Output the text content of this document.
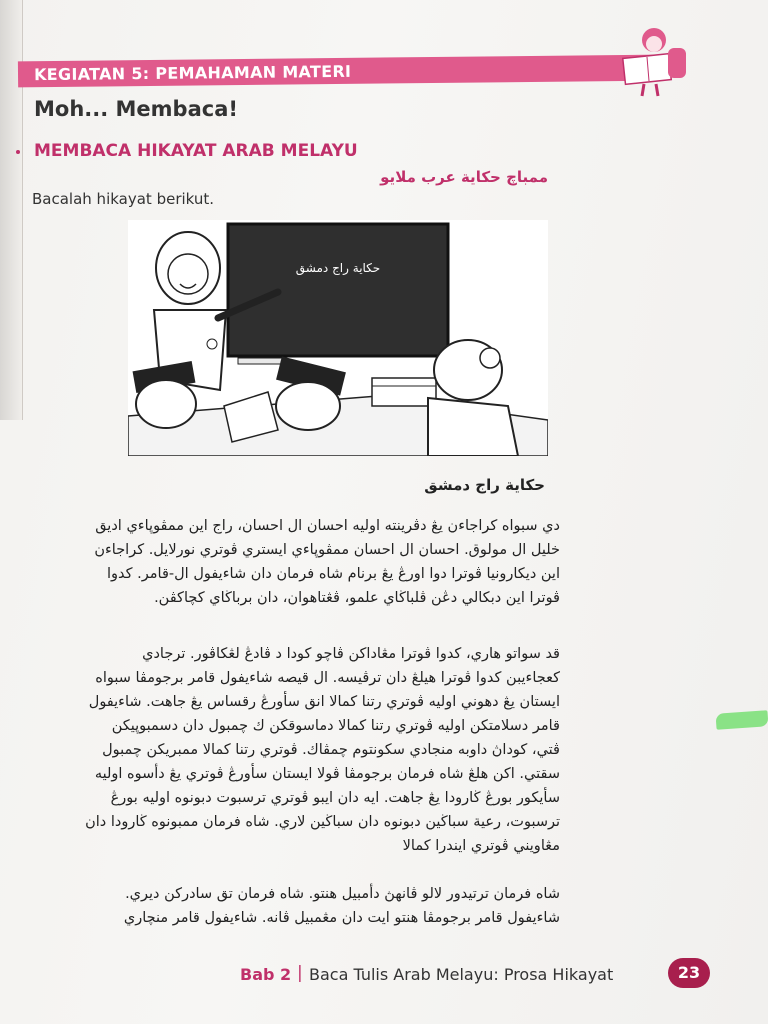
KEGIATAN 5: PEMAHAMAN MATERI
Moh... Membaca!
MEMBACA HIKAYAT ARAB MELAYU
ممباچ حكاية عرب ملايو
Bacalah hikayat berikut.
حكاية راج دمشق
حكاية راج دمشق
دي سبواه كراجاءن يڠ دڤرينته اوليه احسان ال احسان، راج اين ممڤوڽاءي اديق
خليل ال مولوق. احسان ال احسان ممڤوڽاءي ايستري ڤوتري نورلايل. كراجاءن
اين ديكارونيا ڤوترا دوا اورڠ يڠ برنام شاه فرمان دان شاءيفول ال-قامر. كدوا
ڤوترا اين دبكالي دڠن ڤلباڬاي علمو، ڤڠتاهوان، دان برباڬاي كچاكڤن.
قد سواتو هاري، كدوا ڤوترا مڠاداكن ڤاچو كودا د ڤادڠ لڠكاڤور. ترجادي
كعجاءيبن كدوا ڤوترا هيلڠ دان ترڤيسه. ال قيصه شاءيفول قامر برجومڤا سبواه
ايستان يڠ دهوني اوليه ڤوتري رتنا كمالا انق سأورڠ رقساس يڠ جاهت. شاءيفول
قامر دسلامتكن اوليه ڤوتري رتنا كمالا دماسوقكن ك چمبول دان دسمبوڽيكن
ڤتي، كوداڽ داوبه منجادي سكونتوم چمڤاك. ڤوتري رتنا كمالا ممبريكن چمبول
سقتي. اكن هلڠ شاه فرمان برجومڤا ڤولا ايستان سأورڠ ڤوتري يڠ دأسوه اوليه
سأيكور بورڠ ڬارودا يڠ جاهت. ايه دان ايبو ڤوتري ترسبوت دبونوه اوليه بورڠ
ترسبوت، رعية سباڬين دبونوه دان سباڬين لاري. شاه فرمان ممبونوه ڬارودا دان
مڠاويني ڤوتري ايندرا كمالا
شاه فرمان ترتيدور لالو ڤانهڽ دأمبيل هنتو. شاه فرمان تق سادركن ديري.
شاءيفول قامر برجومڤا هنتو ايت دان مڠمبيل ڤانه. شاءيفول قامر منچاري
Bab 2 | Baca Tulis Arab Melayu: Prosa Hikayat	23
